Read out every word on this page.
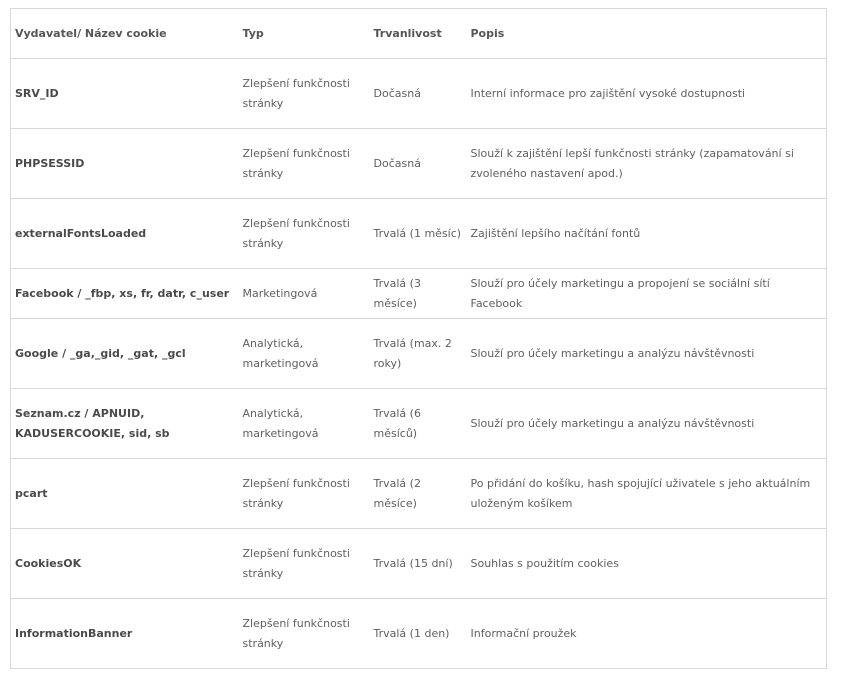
Vydavatel/ Název cookie	Typ	Trvanlivost	Popis
SRV_ID	Zlepšení funkčnosti stránky	Dočasná	Interní informace pro zajištění vysoké dostupnosti
PHPSESSID	Zlepšení funkčnosti stránky	Dočasná	Slouží k zajištění lepší funkčnosti stránky (zapamatování si zvoleného nastavení apod.)
externalFontsLoaded	Zlepšení funkčnosti stránky	Trvalá (1 měsíc)	Zajištění lepšího načítání fontů
Facebook / _fbp, xs, fr, datr, c_user	Marketingová	Trvalá (3 měsíce)	Slouží pro účely marketingu a propojení se sociální sítí Facebook
Google / _ga,_gid, _gat, _gcl	Analytická, marketingová	Trvalá (max. 2 roky)	Slouží pro účely marketingu a analýzu návštěvnosti
Seznam.cz / APNUID, KADUSERCOOKIE, sid, sb	Analytická, marketingová	Trvalá (6 měsíců)	Slouží pro účely marketingu a analýzu návštěvnosti
pcart	Zlepšení funkčnosti stránky	Trvalá (2 měsíce)	Po přidání do košíku, hash spojující uživatele s jeho aktuálním uloženým košíkem
CookiesOK	Zlepšení funkčnosti stránky	Trvalá (15 dní)	Souhlas s použitím cookies
InformationBanner	Zlepšení funkčnosti stránky	Trvalá (1 den)	Informační proužek
